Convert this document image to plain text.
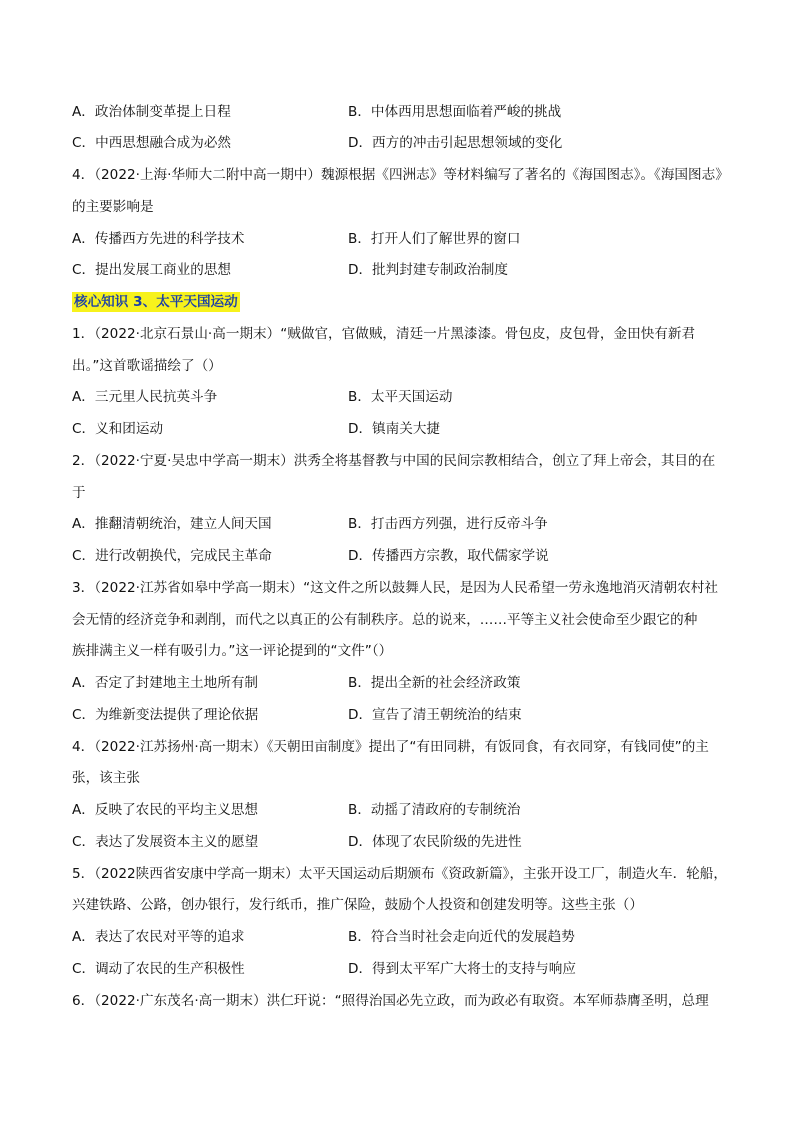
A．政治体制变革提上日程	B．中体西用思想面临着严峻的挑战
C．中西思想融合成为必然	D．西方的冲击引起思想领域的变化
4．（2022·上海·华师大二附中高一期中）魏源根据《四洲志》等材料编写了著名的《海国图志》。《海国图志》
的主要影响是
A．传播西方先进的科学技术	B．打开人们了解世界的窗口
C．提出发展工商业的思想	D．批判封建专制政治制度
核心知识 3、太平天国运动
1．（2022·北京石景山·高一期末）“贼做官，官做贼，清廷一片黑漆漆。骨包皮，皮包骨，金田快有新君
出。”这首歌谣描绘了（）
A．三元里人民抗英斗争	B．太平天国运动
C．义和团运动	D．镇南关大捷
2．（2022·宁夏·吴忠中学高一期末）洪秀全将基督教与中国的民间宗教相结合，创立了拜上帝会，其目的在
于
A．推翻清朝统治，建立人间天国	B．打击西方列强，进行反帝斗争
C．进行改朝换代，完成民主革命	D．传播西方宗教，取代儒家学说
3．（2022·江苏省如皋中学高一期末）“这文件之所以鼓舞人民，是因为人民希望一劳永逸地消灭清朝农村社
会无情的经济竞争和剥削，而代之以真正的公有制秩序。总的说来，……平等主义社会使命至少跟它的种
族排满主义一样有吸引力。”这一评论提到的“文件”（）
A．否定了封建地主土地所有制	B．提出全新的社会经济政策
C．为维新变法提供了理论依据	D．宣告了清王朝统治的结束
4．（2022·江苏扬州·高一期末）《天朝田亩制度》提出了“有田同耕，有饭同食，有衣同穿，有钱同使”的主
张，该主张
A．反映了农民的平均主义思想	B．动摇了清政府的专制统治
C．表达了发展资本主义的愿望	D．体现了农民阶级的先进性
5．（2022陕西省安康中学高一期末）太平天国运动后期颁布《资政新篇》，主张开设工厂，制造火车．轮船，
兴建铁路、公路，创办银行，发行纸币，推广保险，鼓励个人投资和创建发明等。这些主张（）
A．表达了农民对平等的追求	B．符合当时社会走向近代的发展趋势
C．调动了农民的生产积极性	D．得到太平军广大将士的支持与响应
6．（2022·广东茂名·高一期末）洪仁玕说：“照得治国必先立政，而为政必有取资。本军师恭膺圣明，总理
